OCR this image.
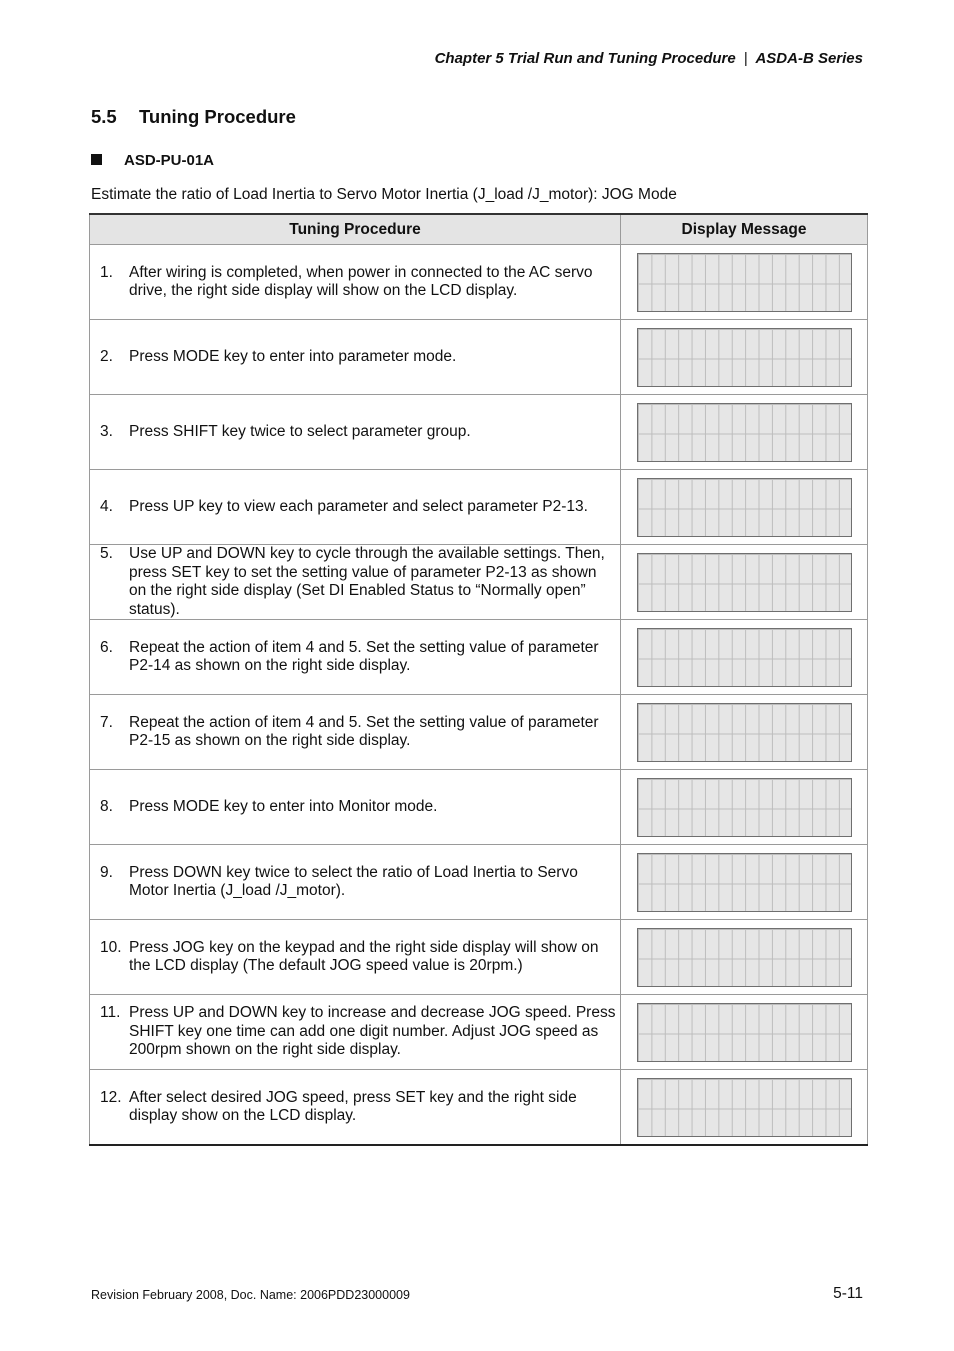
Chapter 5 Trial Run and Tuning Procedure | ASDA-B Series
5.5 Tuning Procedure
ASD-PU-01A
Estimate the ratio of Load Inertia to Servo Motor Inertia (J_load /J_motor): JOG Mode
Tuning Procedure	Display Message

1. After wiring is completed, when power in connected to the AC servo drive, the right side display will show on the LCD display.	

2. Press MODE key to enter into parameter mode.	

3. Press SHIFT key twice to select parameter group.	

4. Press UP key to view each parameter and select parameter P2-13.	

5. Use UP and DOWN key to cycle through the available settings. Then, press SET key to set the setting value of parameter P2-13 as shown on the right side display (Set DI Enabled Status to “Normally open” status).	

6. Repeat the action of item 4 and 5. Set the setting value of parameter P2-14 as shown on the right side display.	

7. Repeat the action of item 4 and 5. Set the setting value of parameter P2-15 as shown on the right side display.	

8. Press MODE key to enter into Monitor mode.	

9. Press DOWN key twice to select the ratio of Load Inertia to Servo Motor Inertia (J_load /J_motor).	

10. Press JOG key on the keypad and the right side display will show on the LCD display (The default JOG speed value is 20rpm.)	

11. Press UP and DOWN key to increase and decrease JOG speed. Press SHIFT key one time can add one digit number. Adjust JOG speed as 200rpm shown on the right side display.	

12. After select desired JOG speed, press SET key and the right side display show on the LCD display.	

Revision February 2008, Doc. Name: 2006PDD23000009	5-11
